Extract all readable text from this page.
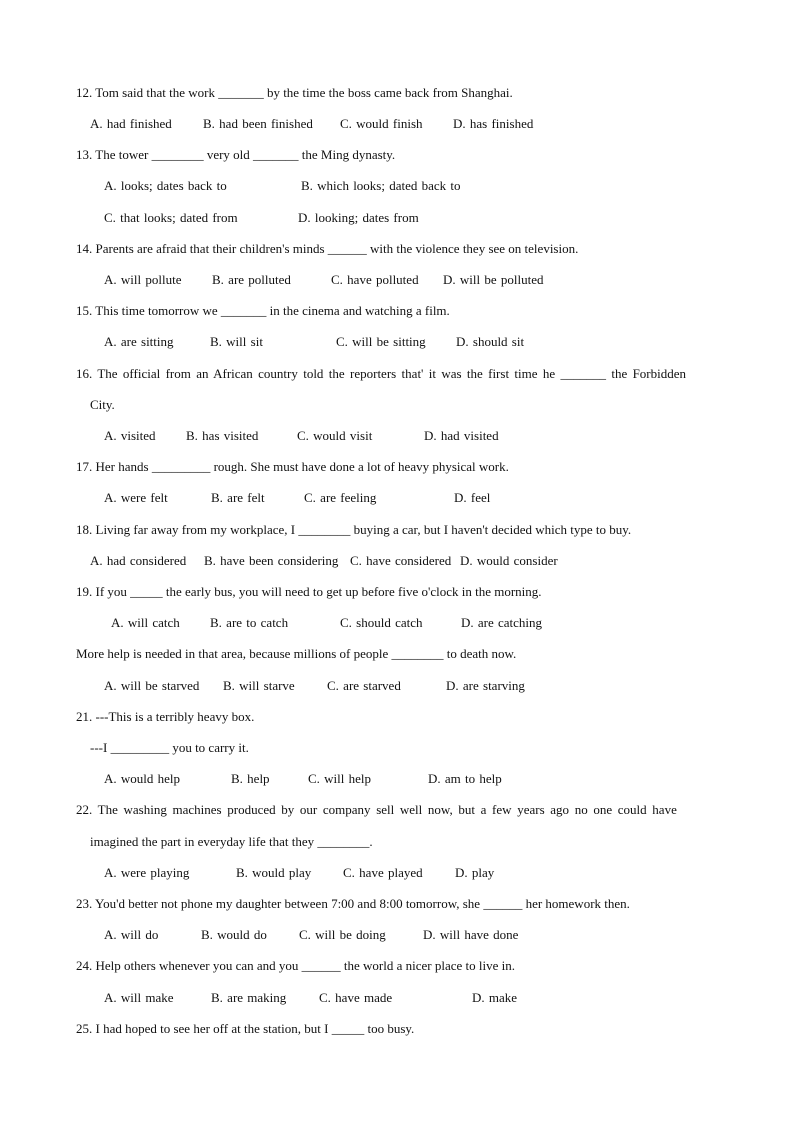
12. Tom said that the work _______ by the time the boss came back from Shanghai.
A. had finished B. had been finished C. would finish D. has finished
13. The tower ________ very old _______ the Ming dynasty.
A. looks; dates back to	B. which looks; dated back to
C. that looks; dated from	D. looking; dates from
14. Parents are afraid that their children's minds ______ with the violence they see on television.
A. will pollute B. are polluted	C. have polluted D. will be polluted
15. This time tomorrow we _______ in the cinema and watching a film.
A. are sitting	B. will sit	C. will be sitting D. should sit
16. The official from an African country told the reporters that' it was the first time he _______ the Forbidden
City.
A. visited B. has visited	C. would visit	D. had visited
17. Her hands _________ rough. She must have done a lot of heavy physical work.
A. were felt	B. are felt	C. are feeling	D. feel
18. Living far away from my workplace, I ________ buying a car, but I haven't decided which type to buy.
A. had considered B. have been considering C. have considered D. would consider
19. If you _____ the early bus, you will need to get up before five o'clock in the morning.
A. will catch B. are to catch	C. should catch	D. are catching
More help is needed in that area, because millions of people ________ to death now.
A. will be starved B. will starve C. are starved	D. are starving
21. ---This is a terribly heavy box.
---I _________ you to carry it.
A. would help	B. help	C. will help	D. am to help
22. The washing machines produced by our company sell well now, but a few years ago no one could have
imagined the part in everyday life that they ________.
A. were playing	B. would play C. have played D. play
23. You'd better not phone my daughter between 7:00 and 8:00 tomorrow, she ______ her homework then.
A. will do	B. would do C. will be doing	D. will have done
24. Help others whenever you can and you ______ the world a nicer place to live in.
A. will make	B. are making	C. have made	D. make
25. I had hoped to see her off at the station, but I _____ too busy.
